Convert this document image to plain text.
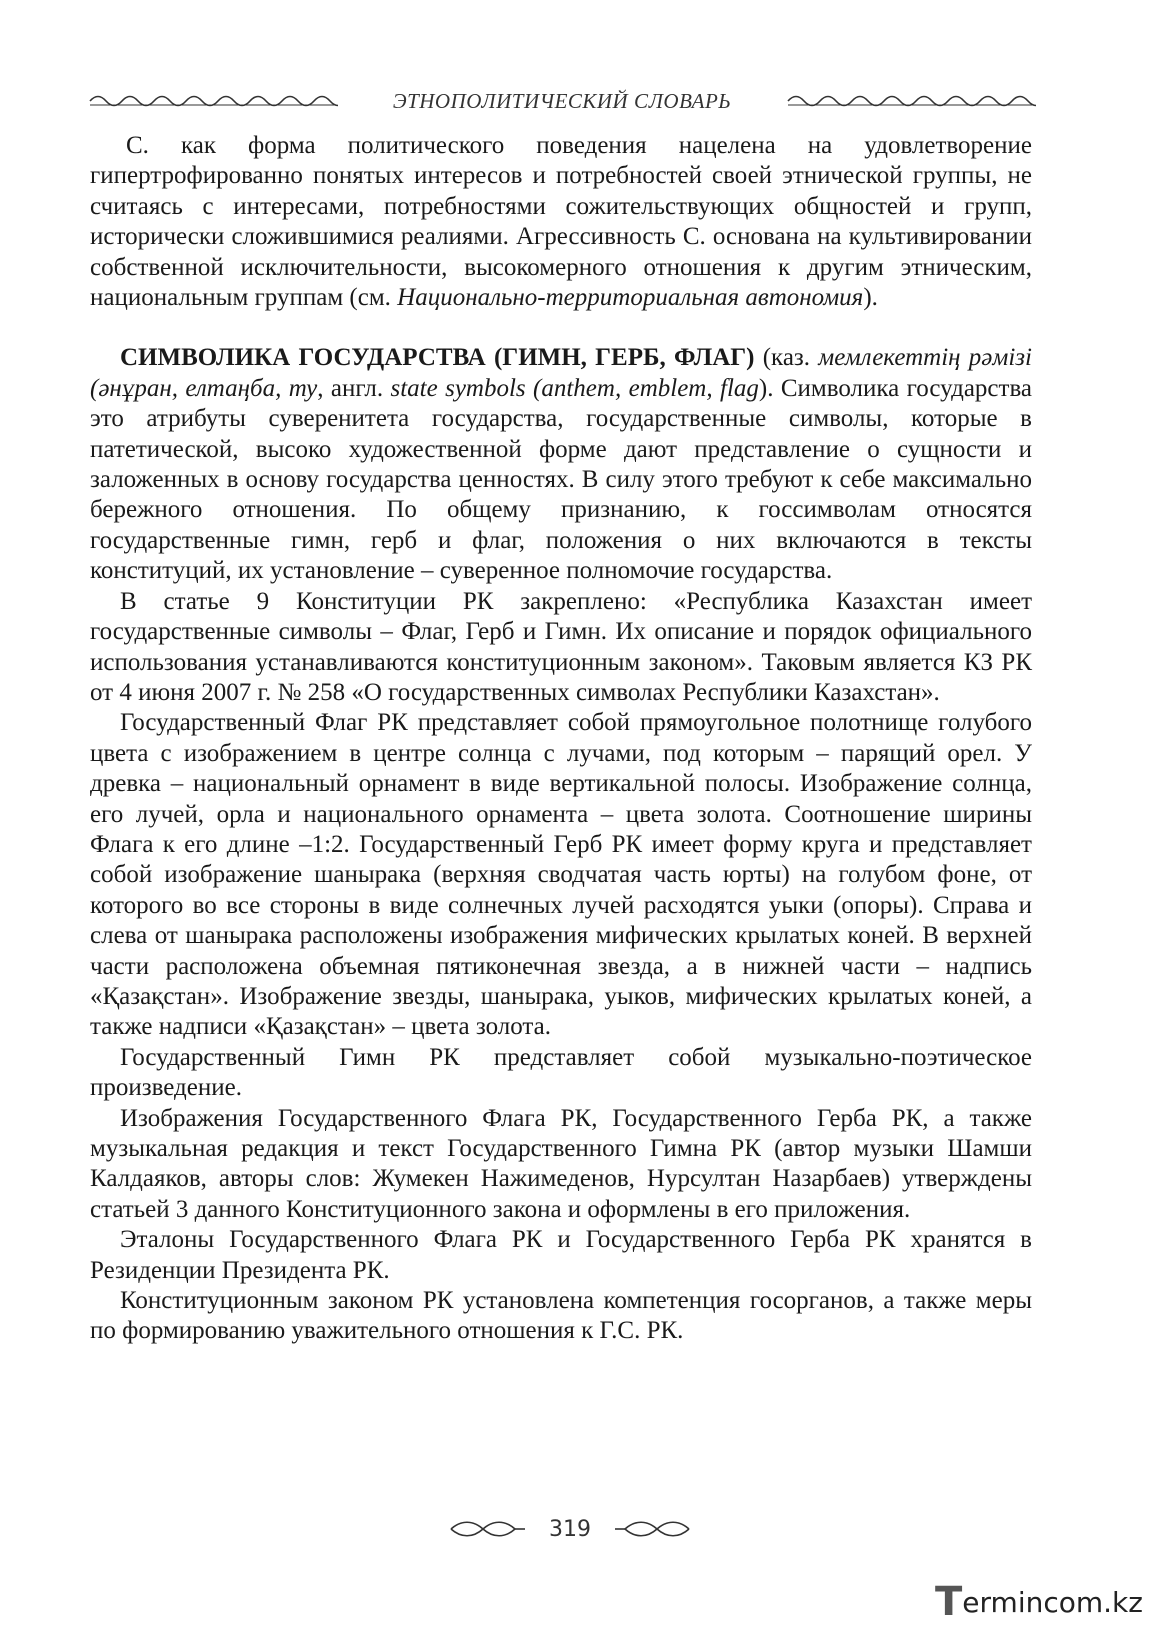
ЭТНОПОЛИТИЧЕСКИЙ СЛОВАРЬ

С. как форма политического поведения нацелена на удовлетворение гипертрофированно понятых интересов и потребностей своей этнической группы, не считаясь с интересами, потребностями сожительствующих общностей и групп, исторически сложившимися реалиями. Агрессивность С. основана на культивировании собственной исключительности, высокомерного отношения к другим этническим, национальным группам (см. Национально-территориальная автономия).

СИМВОЛИКА ГОСУДАРСТВА (ГИМН, ГЕРБ, ФЛАГ) (каз. мемлекеттің рәмізі (әнұран, елтаңба, ту, англ. state symbols (anthem, emblem, flag). Символика государства это атрибуты суверенитета государства, государственные символы, которые в патетической, высоко художественной форме дают представление о сущности и заложенных в основу государства ценностях. В силу этого требуют к себе максимально бережного отношения. По общему признанию, к госсимволам относятся государственные гимн, герб и флаг, положения о них включаются в тексты конституций, их установление – суверенное полномочие государства.

В статье 9 Конституции РК закреплено: «Республика Казахстан имеет государственные символы – Флаг, Герб и Гимн. Их описание и порядок официального использования устанавливаются конституционным законом». Таковым является КЗ РК от 4 июня 2007 г. № 258 «О государственных символах Республики Казахстан».

Государственный Флаг РК представляет собой прямоугольное полотнище голубого цвета с изображением в центре солнца с лучами, под которым – парящий орел. У древка – национальный орнамент в виде вертикальной полосы. Изображение солнца, его лучей, орла и национального орнамента – цвета золота. Соотношение ширины Флага к его длине –1:2. Государственный Герб РК имеет форму круга и представляет собой изображение шанырака (верхняя сводчатая часть юрты) на голубом фоне, от которого во все стороны в виде солнечных лучей расходятся уыки (опоры). Справа и слева от шанырака расположены изображения мифических крылатых коней. В верхней части расположена объемная пятиконечная звезда, а в нижней части – надпись «Қазақстан». Изображение звезды, шанырака, уыков, мифических крылатых коней, а также надписи «Қазақстан» – цвета золота.

Государственный Гимн РК представляет собой музыкально-поэтическое произведение.

Изображения Государственного Флага РК, Государственного Герба РК, а также музыкальная редакция и текст Государственного Гимна РК (автор музыки Шамши Калдаяков, авторы слов: Жумекен Нажимеденов, Нурсултан Назарбаев) утверждены статьей 3 данного Конституционного закона и оформлены в его приложения.

Эталоны Государственного Флага РК и Государственного Герба РК хранятся в Резиденции Президента РК.

Конституционным законом РК установлена компетенция госорганов, а также меры по формированию уважительного отношения к Г.С. РК.

319
T ermincom.kz
